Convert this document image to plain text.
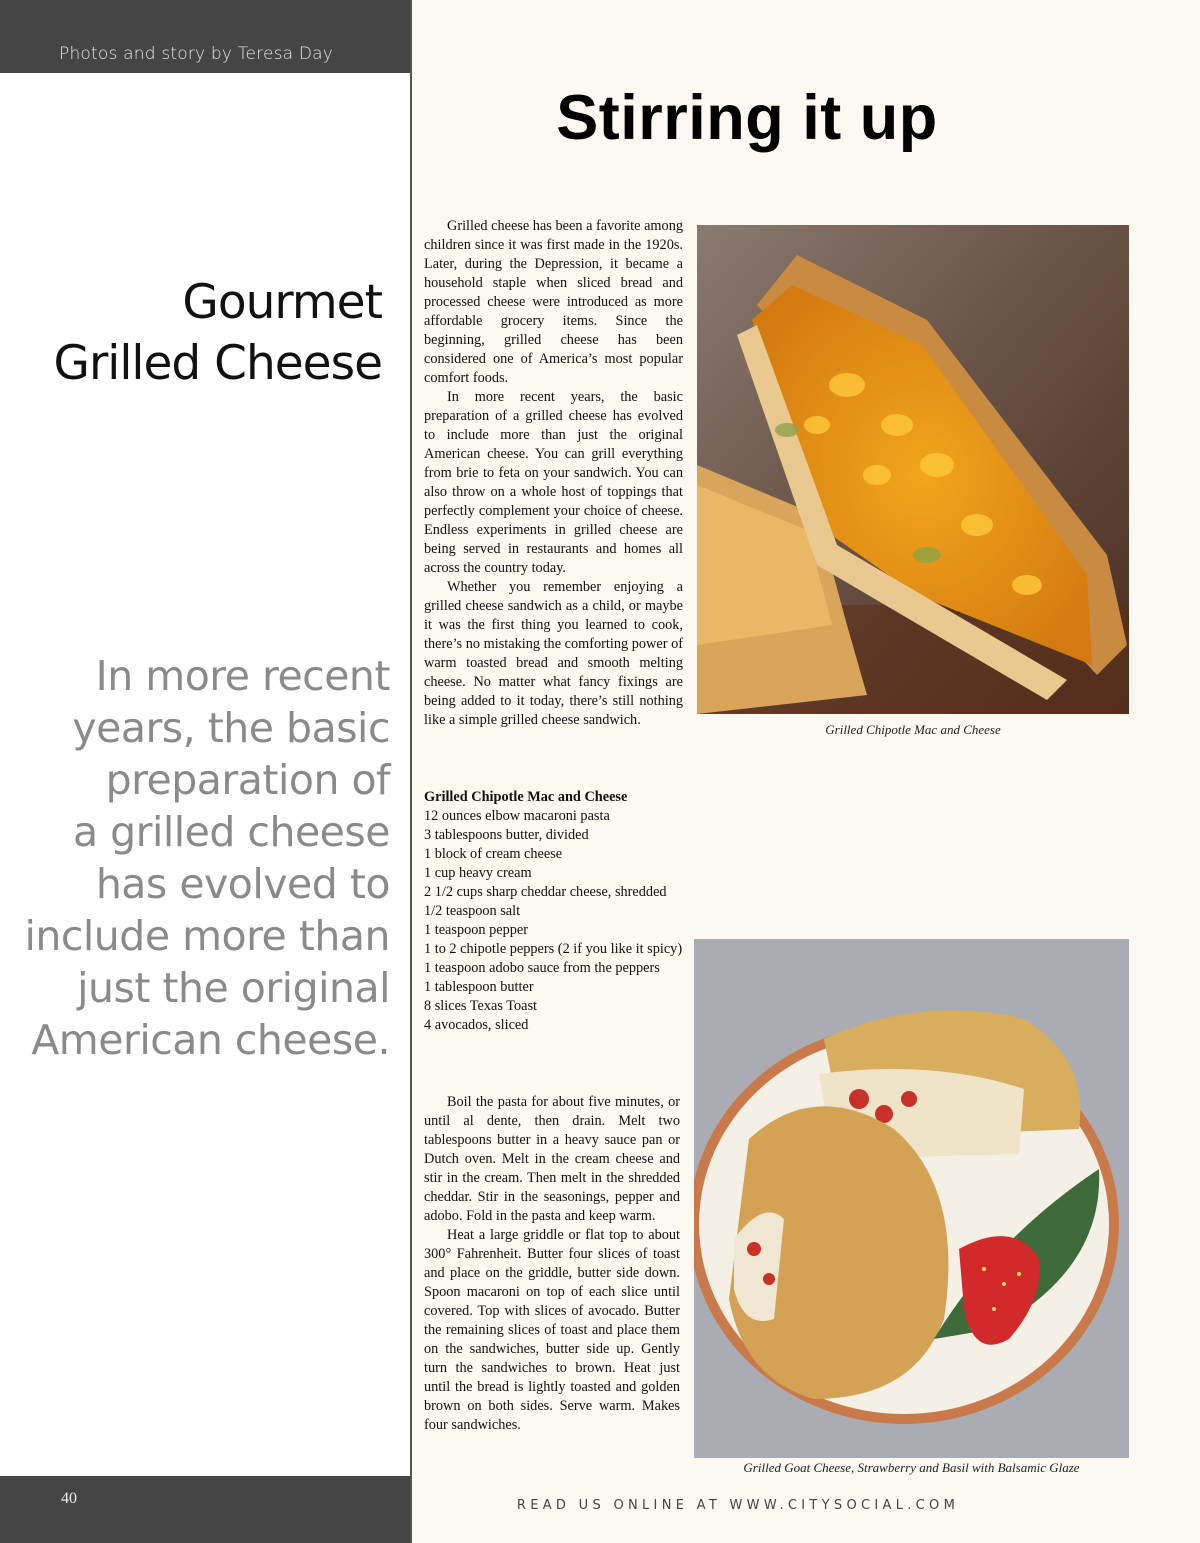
Photos and story by Teresa Day
Gourmet
Grilled Cheese
In more recent
years, the basic
preparation of
a grilled cheese
has evolved to
include more than
just the original
American cheese.
40
Stirring it up

Grilled cheese has been a favorite among children since it was first made in the 1920s. Later, during the Depression, it became a household staple when sliced bread and processed cheese were introduced as more affordable grocery items. Since the beginning, grilled cheese has been considered one of America’s most popular comfort foods.

In more recent years, the basic preparation of a grilled cheese has evolved to include more than just the original American cheese. You can grill everything from brie to feta on your sandwich. You can also throw on a whole host of toppings that perfectly complement your choice of cheese. Endless experiments in grilled cheese are being served in restaurants and homes all across the country today.

Whether you remember enjoying a grilled cheese sandwich as a child, or maybe it was the first thing you learned to cook, there’s no mistaking the comforting power of warm toasted bread and smooth melting cheese. No matter what fancy fixings are being added to it today, there’s still nothing like a simple grilled cheese sandwich.

Grilled Chipotle Mac and Cheese
12 ounces elbow macaroni pasta
3 tablespoons butter, divided
1 block of cream cheese
1 cup heavy cream
2 1/2 cups sharp cheddar cheese, shredded
1/2 teaspoon salt
1 teaspoon pepper
1 to 2 chipotle peppers (2 if you like it spicy)
1 teaspoon adobo sauce from the peppers
1 tablespoon butter
8 slices Texas Toast
4 avocados, sliced

Boil the pasta for about five minutes, or until al dente, then drain. Melt two tablespoons butter in a heavy sauce pan or Dutch oven. Melt in the cream cheese and stir in the cream. Then melt in the shredded cheddar. Stir in the seasonings, pepper and adobo. Fold in the pasta and keep warm.

Heat a large griddle or flat top to about 300° Fahrenheit. Butter four slices of toast and place on the griddle, butter side down. Spoon macaroni on top of each slice until covered. Top with slices of avocado. Butter the remaining slices of toast and place them on the sandwiches, butter side up. Gently turn the sandwiches to brown. Heat just until the bread is lightly toasted and golden brown on both sides. Serve warm. Makes four sandwiches.

Grilled Chipotle Mac and Cheese
Grilled Goat Cheese, Strawberry and Basil with Balsamic Glaze
READ US ONLINE AT WWW.CITYSOCIAL.COM
